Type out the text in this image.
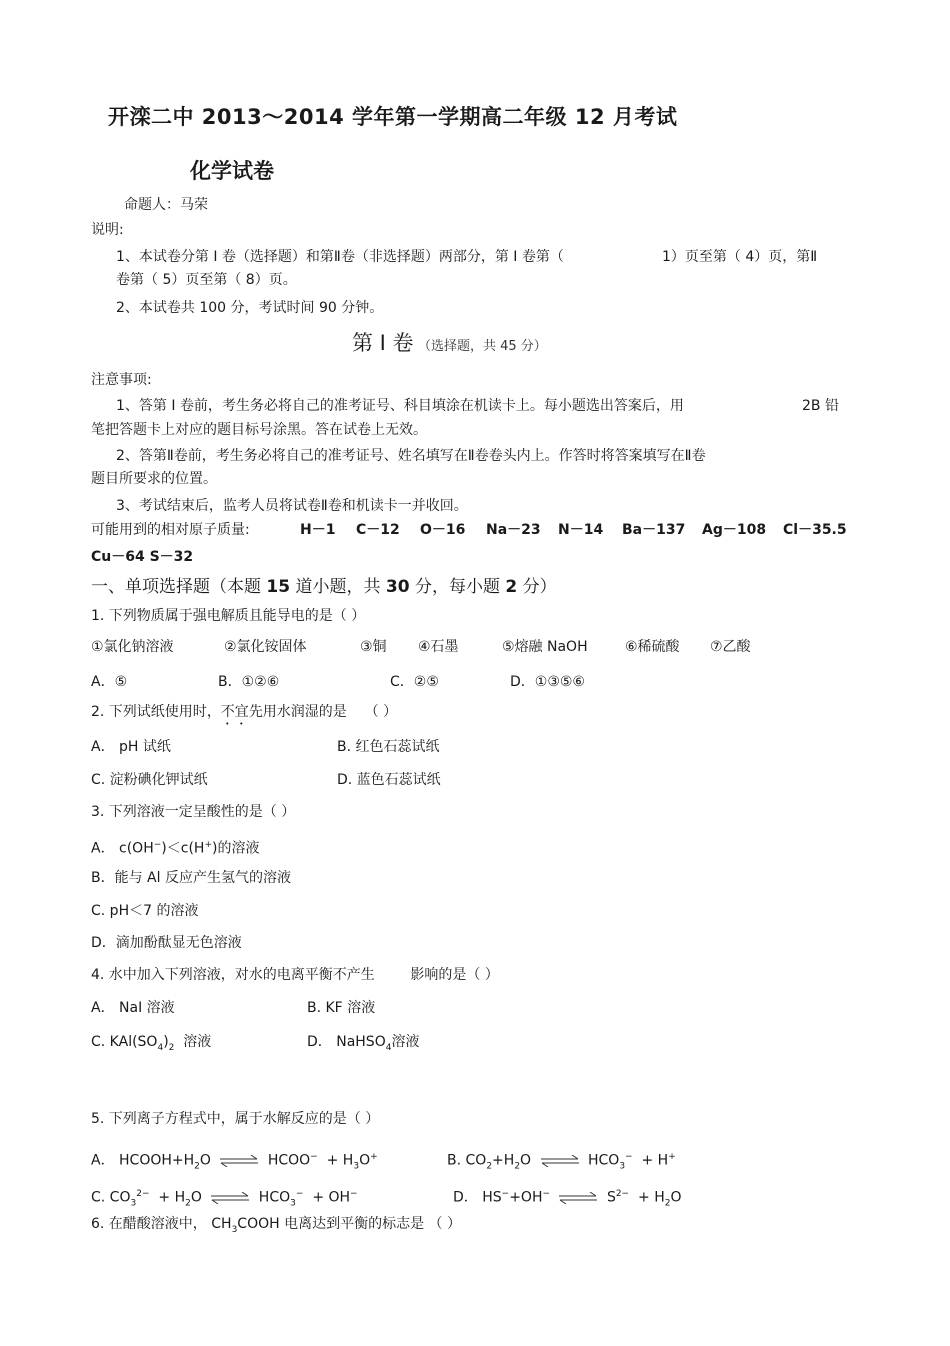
开滦二中 2013～2014 学年第一学期高二年级 12 月考试
化学试卷
命题人：马荣
说明:
1、本试卷分第 I 卷（选择题）和第Ⅱ卷（非选择题）两部分，第 I 卷第（	1）页至第（ 4）页，第Ⅱ
卷第（ 5）页至第（ 8）页。
2、本试卷共 100 分，考试时间 90 分钟。
第 I 卷 （选择题，共 45 分）
注意事项:
1、答第 I 卷前，考生务必将自己的准考证号、科目填涂在机读卡上。每小题选出答案后，用	2B 铅
笔把答题卡上对应的题目标号涂黑。答在试卷上无效。
2、答第Ⅱ卷前，考生务必将自己的准考证号、姓名填写在Ⅱ卷卷头内上。作答时将答案填写在Ⅱ卷
题目所要求的位置。
3、考试结束后，监考人员将试卷Ⅱ卷和机读卡一并收回。
可能用到的相对原子质量:	H－1 C－12 O－16 Na－23 N－14 Ba－137 Ag－108 Cl－35.5
Cu－64 S－32
一、单项选择题（本题 15 道小题，共 30 分，每小题 2 分）
1. 下列物质属于强电解质且能导电的是（ ）
①氯化钠溶液	②氯化铵固体	③铜 ④石墨	⑤熔融 NaOH	⑥稀硫酸 ⑦乙酸
A．⑤	B．①②⑥	C．②⑤	D．①③⑤⑥
2. 下列试纸使用时，不宜先用水润湿的是 （ ）
A． pH 试纸	B. 红色石蕊试纸
C. 淀粉碘化钾试纸	D. 蓝色石蕊试纸
3. 下列溶液一定呈酸性的是（ ）
A． c(OH−)＜c(H+)的溶液
B．能与 Al 反应产生氢气的溶液
C. pH＜7 的溶液
D．滴加酚酞显无色溶液
4. 水中加入下列溶液，对水的电离平衡不产生	影响的是（ ）
A． NaI 溶液	B. KF 溶液
C. $KAl(SO_4)_2$ 溶液	D． NaHSO$_4$溶液
5. 下列离子方程式中，属于水解反应的是（ ）
A． $HCOOH+H_2O$ ⇌ HCOO− + $H_3O^+$	B. $CO_2+H_2O$ ⇌ $HCO_3^- + H^+$
C. $CO_3^{2-} + H_2O$ ⇌ $HCO_3^- + OH^-$	D． HS−+OH− ⇌ $S^{2-} + H_2O$
6. 在醋酸溶液中， $CH_3COOH$ 电离达到平衡的标志是 （ ）
